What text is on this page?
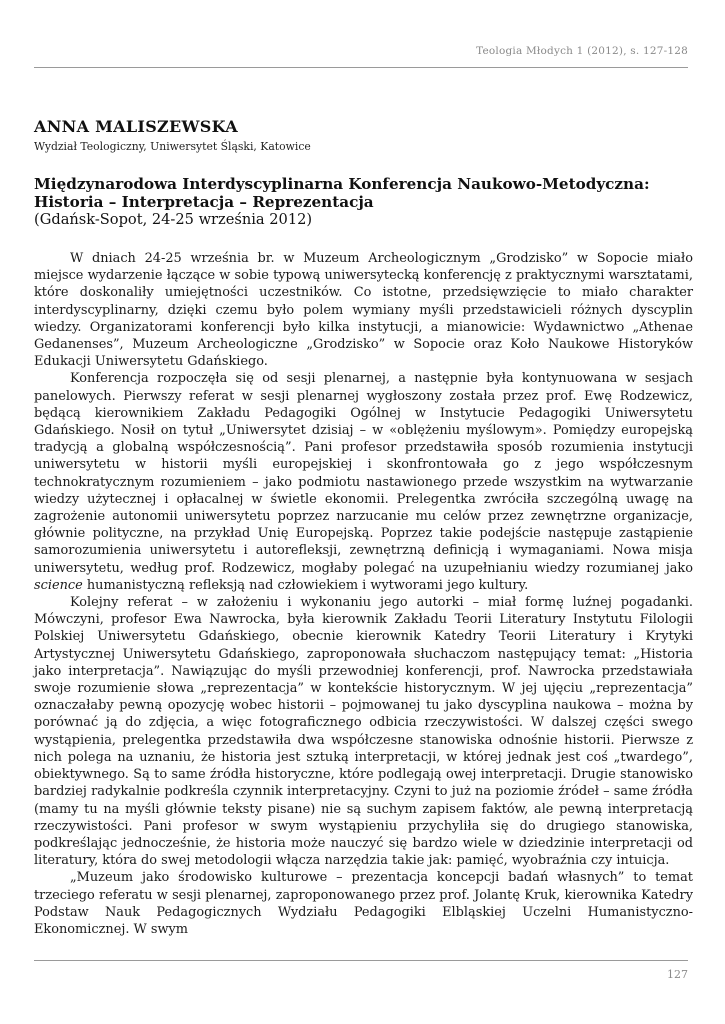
Teologia Młodych 1 (2012), s. 127-128
ANNA MALISZEWSKA
Wydział Teologiczny, Uniwersytet Śląski, Katowice
Międzynarodowa Interdyscyplinarna Konferencja Naukowo-Metodyczna:
Historia – Interpretacja – Reprezentacja
(Gdańsk-Sopot, 24-25 września 2012)

W dniach 24-25 września br. w Muzeum Archeologicznym „Grodzisko” w Sopocie miało miejsce wydarzenie łączące w sobie typową uniwersytecką konferencję z praktycznymi warsztatami, które doskonaliły umiejętności uczestników. Co istotne, przedsięwzięcie to miało charakter interdyscyplinarny, dzięki czemu było polem wymiany myśli przedstawicieli różnych dyscyplin wiedzy. Organizatorami konferencji było kilka instytucji, a mianowicie: Wydawnictwo „Athenae Gedanenses”, Muzeum Archeologiczne „Grodzisko” w Sopocie oraz Koło Naukowe Historyków Edukacji Uniwersytetu Gdańskiego.

Konferencja rozpoczęła się od sesji plenarnej, a następnie była kontynuowana w sesjach panelowych. Pierwszy referat w sesji plenarnej wygłoszony została przez prof. Ewę Rodzewicz, będącą kierownikiem Zakładu Pedagogiki Ogólnej w Instytucie Pedagogiki Uniwersytetu Gdańskiego. Nosił on tytuł „Uniwersytet dzisiaj – w «oblężeniu myślowym». Pomiędzy europejską tradycją a globalną współczesnością”. Pani profesor przedstawiła sposób rozumienia instytucji uniwersytetu w historii myśli europejskiej i skonfrontowała go z jego współczesnym technokratycznym rozumieniem – jako podmiotu nastawionego przede wszystkim na wytwarzanie wiedzy użytecznej i opłacalnej w świetle ekonomii. Prelegentka zwróciła szczególną uwagę na zagrożenie autonomii uniwersytetu poprzez narzucanie mu celów przez zewnętrzne organizacje, głównie polityczne, na przykład Unię Europejską. Poprzez takie podejście następuje zastąpienie samorozumienia uniwersytetu i autorefleksji, zewnętrzną definicją i wymaganiami. Nowa misja uniwersytetu, według prof. Rodzewicz, mogłaby polegać na uzupełnianiu wiedzy rozumianej jako science humanistyczną refleksją nad człowiekiem i wytworami jego kultury.

Kolejny referat – w założeniu i wykonaniu jego autorki – miał formę luźnej pogadanki. Mówczyni, profesor Ewa Nawrocka, była kierownik Zakładu Teorii Literatury Instytutu Filologii Polskiej Uniwersytetu Gdańskiego, obecnie kierownik Katedry Teorii Literatury i Krytyki Artystycznej Uniwersytetu Gdańskiego, zaproponowała słuchaczom następujący temat: „Historia jako interpretacja”. Nawiązując do myśli przewodniej konferencji, prof. Nawrocka przedstawiała swoje rozumienie słowa „reprezentacja” w kontekście historycznym. W jej ujęciu „reprezentacja” oznaczałaby pewną opozycję wobec historii – pojmowanej tu jako dyscyplina naukowa – można by porównać ją do zdjęcia, a więc fotograficznego odbicia rzeczywistości. W dalszej części swego wystąpienia, prelegentka przedstawiła dwa współczesne stanowiska odnośnie historii. Pierwsze z nich polega na uznaniu, że historia jest sztuką interpretacji, w której jednak jest coś „twardego”, obiektywnego. Są to same źródła historyczne, które podlegają owej interpretacji. Drugie stanowisko bardziej radykalnie podkreśla czynnik interpretacyjny. Czyni to już na poziomie źródeł – same źródła (mamy tu na myśli głównie teksty pisane) nie są suchym zapisem faktów, ale pewną interpretacją rzeczywistości. Pani profesor w swym wystąpieniu przychyliła się do drugiego stanowiska, podkreślając jednocześnie, że historia może nauczyć się bardzo wiele w dziedzinie interpretacji od literatury, która do swej metodologii włącza narzędzia takie jak: pamięć, wyobraźnia czy intuicja.

„Muzeum jako środowisko kulturowe – prezentacja koncepcji badań własnych” to temat trzeciego referatu w sesji plenarnej, zaproponowanego przez prof. Jolantę Kruk, kierownika Katedry Podstaw Nauk Pedagogicznych Wydziału Pedagogiki Elbląskiej Uczelni Humanistyczno-Ekonomicznej. W swym

127
